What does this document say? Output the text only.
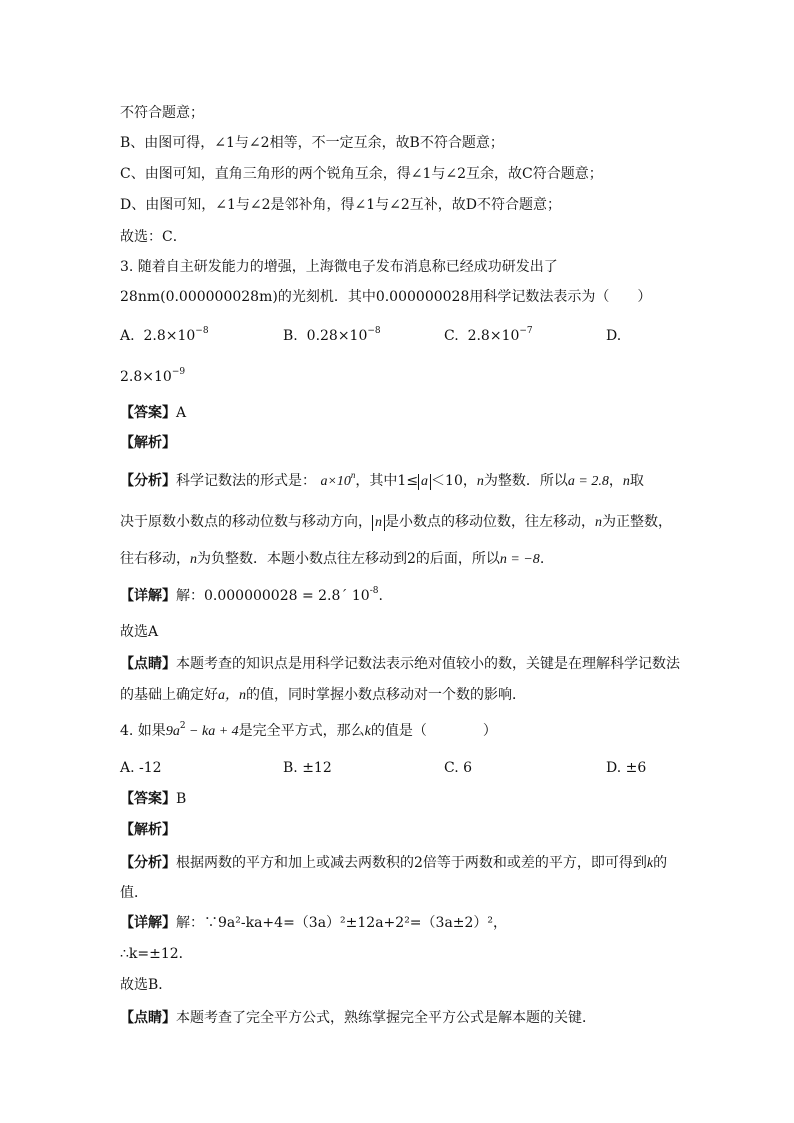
不符合题意；
B、由图可得，∠1与∠2相等，不一定互余，故B不符合题意；
C、由图可知，直角三角形的两个锐角互余，得∠1与∠2互余，故C符合题意；
D、由图可知，∠1与∠2是邻补角，得∠1与∠2互补，故D不符合题意；
故选：C．
3. 随着自主研发能力的增强，上海微电子发布消息称已经成功研发出了
28nm(0.000000028m)的光刻机．其中0.000000028用科学记数法表示为（　　）
A. $2.8\times 10^{-8}$	B. $0.28\times 10^{-8}$	C. $2.8\times 10^{-7}$	D.
$2.8\times 10^{-9}$
【答案】A
【解析】
【分析】科学记数法的形式是： $a\times 10^n$，其中1≤ a ＜10，n为整数．所以a = 2.8，n取
决于原数小数点的移动位数与移动方向， n 是小数点的移动位数，往左移动，n为正整数，
往右移动，n为负整数．本题小数点往左移动到2的后面，所以n = −8.
【详解】解：0.000000028 = 2.8´ $10^{-8}$.
故选A
【点睛】本题考查的知识点是用科学记数法表示绝对值较小的数，关键是在理解科学记数法
的基础上确定好a，n的值，同时掌握小数点移动对一个数的影响．
4. 如果$9a^2$ − ka + 4是完全平方式，那么k的值是（　　　　）
A. -12	B. ±12	C. 6	D. ±6
【答案】B
【解析】
【分析】根据两数的平方和加上或减去两数积的2倍等于两数和或差的平方，即可得到k的
值．
【详解】解：∵9a²-ka+4=（3a）²±12a+2²=（3a±2）²，
∴k=±12．
故选B．
【点睛】本题考查了完全平方公式，熟练掌握完全平方公式是解本题的关键．
